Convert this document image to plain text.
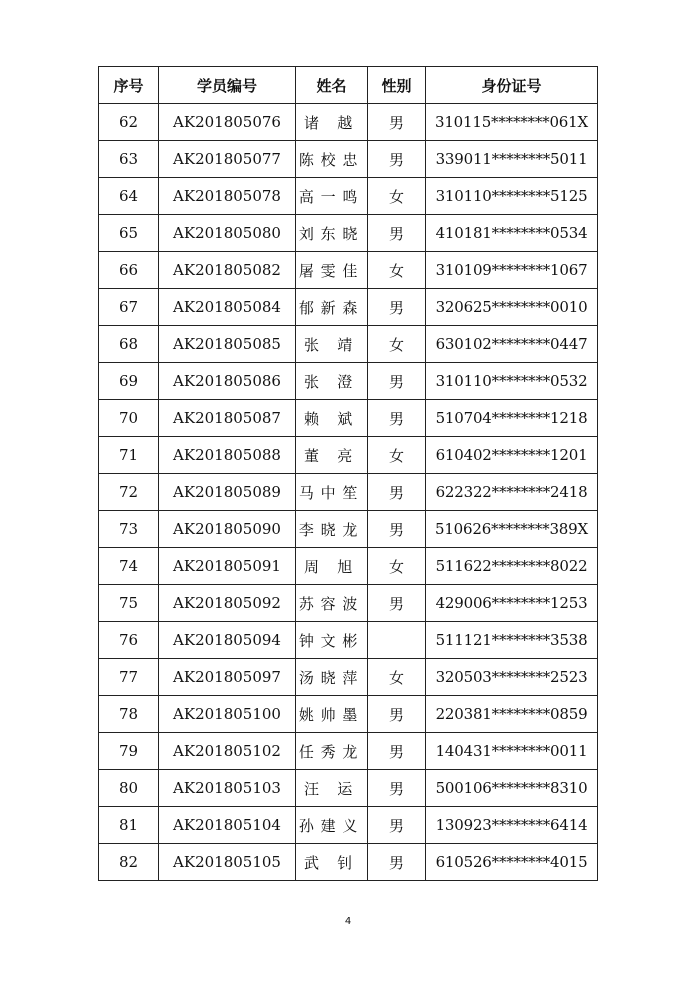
序号	学员编号	姓名	性别	身份证号
62	AK201805076	诸 越	男	310115********061X
63	AK201805077	陈校忠	男	339011********5011
64	AK201805078	高一鸣	女	310110********5125
65	AK201805080	刘东晓	男	410181********0534
66	AK201805082	屠雯佳	女	310109********1067
67	AK201805084	郁新森	男	320625********0010
68	AK201805085	张 靖	女	630102********0447
69	AK201805086	张 澄	男	310110********0532
70	AK201805087	赖 斌	男	510704********1218
71	AK201805088	董 亮	女	610402********1201
72	AK201805089	马中笙	男	622322********2418
73	AK201805090	李晓龙	男	510626********389X
74	AK201805091	周 旭	女	511622********8022
75	AK201805092	苏容波	男	429006********1253
76	AK201805094	钟文彬		511121********3538
77	AK201805097	汤晓萍	女	320503********2523
78	AK201805100	姚帅墨	男	220381********0859
79	AK201805102	任秀龙	男	140431********0011
80	AK201805103	汪 运	男	500106********8310
81	AK201805104	孙建义	男	130923********6414
82	AK201805105	武 钊	男	610526********4015
4
